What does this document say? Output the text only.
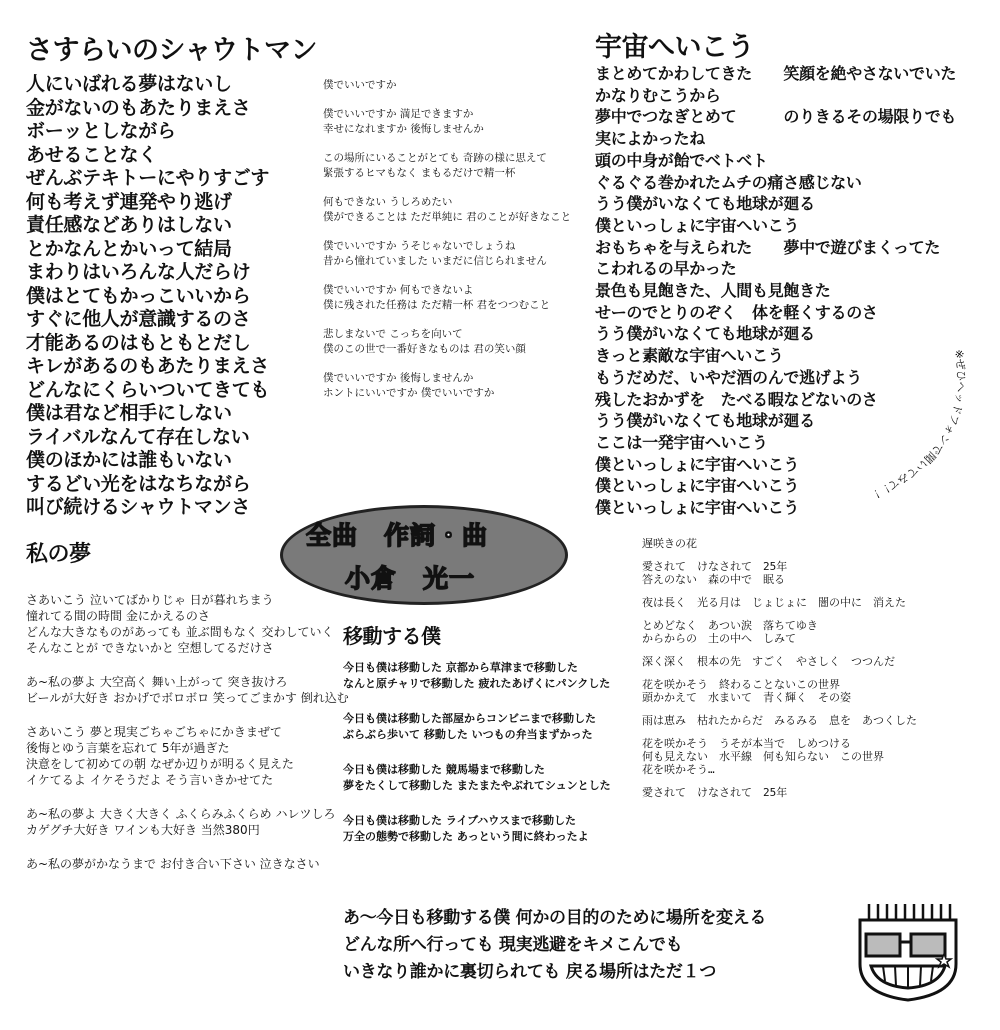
さすらいのシャウトマン
人にいばれる夢はないし
金がないのもあたりまえさ
ボーッとしながら
あせることなく
ぜんぶテキトーにやりすごす
何も考えず連発やり逃げ
責任感などありはしない
とかなんとかいって結局
まわりはいろんな人だらけ
僕はとてもかっこいいから
すぐに他人が意識するのさ
才能あるのはもともとだし
キレがあるのもあたりまえさ
どんなにくらいついてきても
僕は君など相手にしない
ライバルなんて存在しない
僕のほかには誰もいない
するどい光をはなちながら
叫び続けるシャウトマンさ
僕でいいですか
僕でいいですか 満足できますか
幸せになれますか 後悔しませんか
この場所にいることがとても 奇跡の様に思えて
緊張するヒマもなく まもるだけで精一杯
何もできない うしろめたい
僕ができることは ただ単純に 君のことが好きなこと
僕でいいですか うそじゃないでしょうね
昔から憧れていました いまだに信じられません
僕でいいですか 何もできないよ
僕に残された任務は ただ精一杯 君をつつむこと
悲しまないで こっちを向いて
僕のこの世で一番好きなものは 君の笑い顔
僕でいいですか 後悔しませんか
ホントにいいですか 僕でいいですか
宇宙へいこう
まとめてかわしてきた　　笑顔を絶やさないでいた
かなりむこうから
夢中でつなぎとめて　　　のりきるその場限りでも
実によかったね
頭の中身が飴でベトベト
ぐるぐる巻かれたムチの痛さ感じない
うう僕がいなくても地球が廻る
僕といっしょに宇宙へいこう
おもちゃを与えられた　　夢中で遊びまくってた
こわれるの早かった
景色も見飽きた、人間も見飽きた
せーのでとりのぞく　体を軽くするのさ
うう僕がいなくても地球が廻る
きっと素敵な宇宙へいこう
もうだめだ、いやだ酒のんで逃げよう
残したおかずを　たべる暇などないのさ
うう僕がいなくても地球が廻る
ここは一発宇宙へいこう
僕といっしょに宇宙へいこう
僕といっしょに宇宙へいこう
僕といっしょに宇宙へいこう
※ぜひヘッドフォンで聞いてみて！！
私の夢
さあいこう 泣いてばかりじゃ 日が暮れちまう
憧れてる間の時間 金にかえるのさ
どんな大きなものがあっても 並ぶ間もなく 交わしていく
そんなことが できないかと 空想してるだけさ
あ~私の夢よ 大空高く 舞い上がって 突き抜けろ
ビールが大好き おかげでボロボロ 笑ってごまかす 倒れ込む
さあいこう 夢と現実ごちゃごちゃにかきまぜて
後悔とゆう言葉を忘れて 5年が過ぎた
決意をして初めての朝 なぜか辺りが明るく見えた
イケてるよ イケそうだよ そう言いきかせてた
あ~私の夢よ 大きく大きく ふくらみふくらめ ハレツしろ
カゲグチ大好き ワインも大好き 当然380円
あ~私の夢がかなうまで お付き合い下さい 泣きなさい
全曲　作詞・曲
小倉　光一
移動する僕
今日も僕は移動した 京都から草津まで移動した
なんと原チャリで移動した 疲れたあげくにパンクした
今日も僕は移動した部屋からコンビニまで移動した
ぶらぶら歩いて 移動した いつもの弁当まずかった
今日も僕は移動した 競馬場まで移動した
夢をたくして移動した またまたやぶれてシュンとした
今日も僕は移動した ライブハウスまで移動した
万全の態勢で移動した あっという間に終わったよ
あ～今日も移動する僕 何かの目的のために場所を変える
どんな所へ行っても 現実逃避をキメこんでも
いきなり誰かに裏切られても 戻る場所はただ１つ
遅咲きの花
愛されて　けなされて　25年
答えのない　森の中で　眠る
夜は長く　光る月は　じょじょに　闇の中に　消えた
とめどなく　あつい涙　落ちてゆき
からからの　土の中へ　しみて
深く深く　根本の先　すごく　やさしく　つつんだ
花を咲かそう　終わることないこの世界
頭かかえて　水まいて　青く輝く　その姿
雨は恵み　枯れたからだ　みるみる　息を　あつくした
花を咲かそう　うそが本当で　しめつける
何も見えない　水平線　何も知らない　この世界
花を咲かそう…
愛されて　けなされて　25年
